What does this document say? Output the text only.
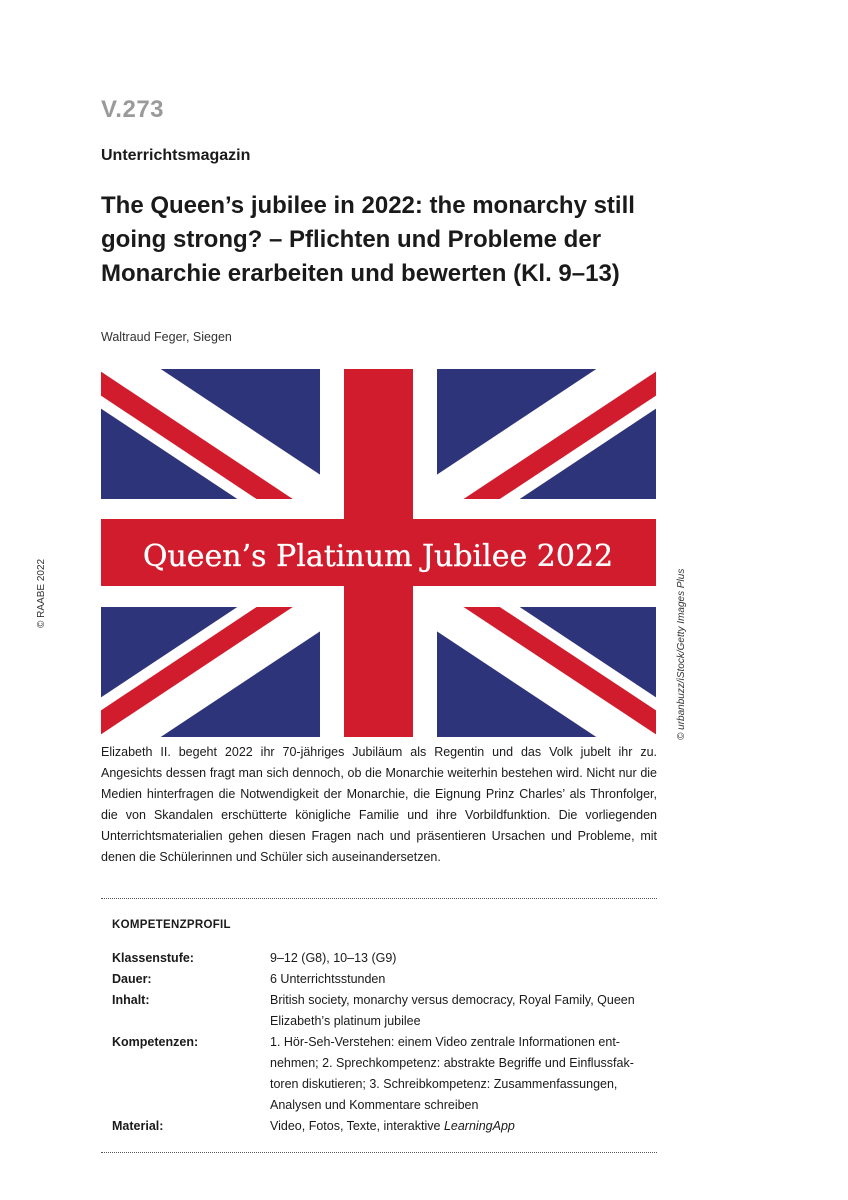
V.273
Unterrichtsmagazin
The Queen’s jubilee in 2022: the monarchy still
going strong? – Pflichten und Probleme der
Monarchie erarbeiten und bewerten (Kl. 9–13)
Waltraud Feger, Siegen
© RAABE 2022
Queen’s Platinum Jubilee 2022
© urbanbuzz/iStock/Getty Images Plus

Elizabeth II. begeht 2022 ihr 70-jähriges Jubiläum als Regentin und das Volk jubelt ihr zu. Angesichts dessen fragt man sich dennoch, ob die Monarchie weiterhin bestehen wird. Nicht nur die Medien hinterfragen die Notwendigkeit der Monarchie, die Eignung Prinz Charles’ als Thronfolger, die von Skandalen erschütterte königliche Familie und ihre Vorbildfunktion. Die vorliegenden Unterrichtsmaterialien gehen diesen Fragen nach und präsentieren Ursachen und Probleme, mit denen die Schülerinnen und Schüler sich auseinandersetzen.

KOMPETENZPROFIL
Klassenstufe:	9–12 (G8), 10–13 (G9)
Dauer:	6 Unterrichtsstunden
Inhalt:	British society, monarchy versus democracy, Royal Family, Queen
Elizabeth’s platinum jubilee
Kompetenzen:	1. Hör-Seh-Verstehen: einem Video zentrale Informationen ent-
nehmen; 2. Sprechkompetenz: abstrakte Begriffe und Einflussfak-
toren diskutieren; 3. Schreibkompetenz: Zusammenfassungen,
Analysen und Kommentare schreiben
Material:	Video, Fotos, Texte, interaktive LearningApp
